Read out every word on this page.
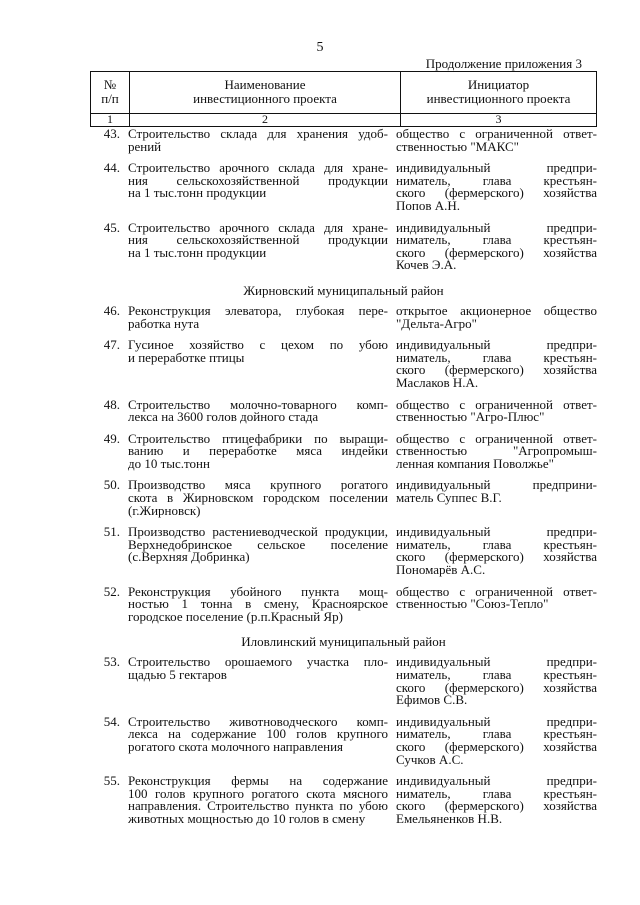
5
Продолжение приложения 3
№
п/п
Наименование
инвестиционного проекта
Инициатор
инвестиционного проекта
1	2	3
43. Строительство склада для хранения удоб-
рений
общество с ограниченной ответ-
ственностью "МАКС"
44. Строительство арочного склада для хране-
ния сельскохозяйственной продукции
на 1 тыс.тонн продукции
индивидуальный предпри-
ниматель, глава крестьян-
ского (фермерского) хозяйства
Попов А.Н.
45. Строительство арочного склада для хране-
ния сельскохозяйственной продукции
на 1 тыс.тонн продукции
индивидуальный предпри-
ниматель, глава крестьян-
ского (фермерского) хозяйства
Кочев Э.А.
Жирновский муниципальный район
46. Реконструкция элеватора, глубокая пере-
работка нута
открытое акционерное общество
"Дельта-Агро"
47. Гусиное хозяйство с цехом по убою
и переработке птицы
индивидуальный предпри-
ниматель, глава крестьян-
ского (фермерского) хозяйства
Маслаков Н.А.
48. Строительство молочно-товарного комп-
лекса на 3600 голов дойного стада
общество с ограниченной ответ-
ственностью "Агро-Плюс"
49. Строительство птицефабрики по выращи-
ванию и переработке мяса индейки
до 10 тыс.тонн
общество с ограниченной ответ-
ственностью "Агропромыш-
ленная компания Поволжье"
50. Производство мяса крупного рогатого
скота в Жирновском городском поселении
(г.Жирновск)
индивидуальный предприни-
матель Суппес В.Г.
51. Производство растениеводческой продукции,
Верхнедобринское сельское поселение
(с.Верхняя Добринка)
индивидуальный предпри-
ниматель, глава крестьян-
ского (фермерского) хозяйства
Пономарёв А.С.
52. Реконструкция убойного пункта мощ-
ностью 1 тонна в смену, Красноярское
городское поселение (р.п.Красный Яр)
общество с ограниченной ответ-
ственностью "Союз-Тепло"
Иловлинский муниципальный район
53. Строительство орошаемого участка пло-
щадью 5 гектаров
индивидуальный предпри-
ниматель, глава крестьян-
ского (фермерского) хозяйства
Ефимов С.В.
54. Строительство животноводческого комп-
лекса на содержание 100 голов крупного
рогатого скота молочного направления
индивидуальный предпри-
ниматель, глава крестьян-
ского (фермерского) хозяйства
Сучков А.С.
55. Реконструкция фермы на содержание
100 голов крупного рогатого скота мясного
направления. Строительство пункта по убою
животных мощностью до 10 голов в смену
индивидуальный предпри-
ниматель, глава крестьян-
ского (фермерского) хозяйства
Емельяненков Н.В.
